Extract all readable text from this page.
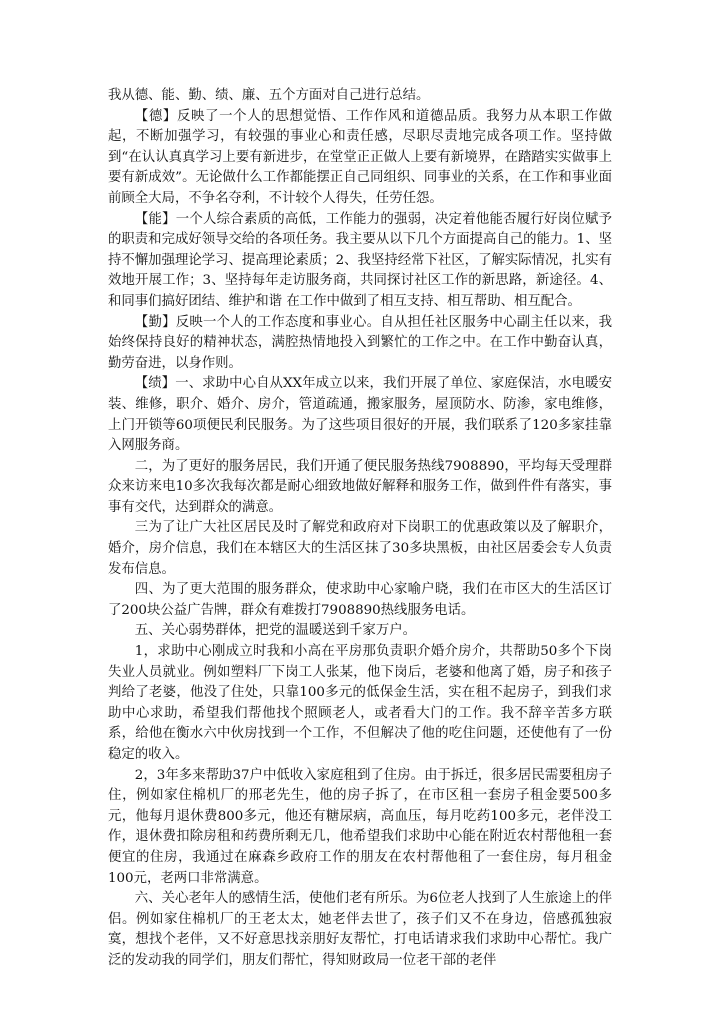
我从德、能、勤、绩、廉、五个方面对自己进行总结。

【德】反映了一个人的思想觉悟、工作作风和道德品质。我努力从本职工作做起，不断加强学习，有较强的事业心和责任感，尽职尽责地完成各项工作。坚持做到“在认认真真学习上要有新进步，在堂堂正正做人上要有新境界，在踏踏实实做事上要有新成效”。无论做什么工作都能摆正自己同组织、同事业的关系，在工作和事业面前顾全大局，不争名夺利，不计较个人得失，任劳任怨。

【能】一个人综合素质的高低，工作能力的强弱，决定着他能否履行好岗位赋予的职责和完成好领导交给的各项任务。我主要从以下几个方面提高自己的能力。1、坚持不懈加强理论学习、提高理论素质；2、我坚持经常下社区，了解实际情况，扎实有效地开展工作；3、坚持每年走访服务商，共同探讨社区工作的新思路，新途径。4、和同事们搞好团结、维护和谐 在工作中做到了相互支持、相互帮助、相互配合。

【勤】反映一个人的工作态度和事业心。自从担任社区服务中心副主任以来，我始终保持良好的精神状态，满腔热情地投入到繁忙的工作之中。在工作中勤奋认真，勤劳奋进，以身作则。

【绩】一、求助中心自从XX年成立以来，我们开展了单位、家庭保洁，水电暖安装、维修，职介、婚介、房介，管道疏通，搬家服务，屋顶防水、防渗，家电维修，上门开锁等60项便民利民服务。为了这些项目很好的开展，我们联系了120多家挂靠入网服务商。

二，为了更好的服务居民，我们开通了便民服务热线7908890，平均每天受理群众来访来电10多次我每次都是耐心细致地做好解释和服务工作，做到件件有落实，事事有交代，达到群众的满意。

三为了让广大社区居民及时了解党和政府对下岗职工的优惠政策以及了解职介，婚介，房介信息，我们在本辖区大的生活区抹了30多块黑板，由社区居委会专人负责发布信息。

四、为了更大范围的服务群众，使求助中心家喻户晓，我们在市区大的生活区订了200块公益广告牌，群众有难拨打7908890热线服务电话。

五、关心弱势群体，把党的温暖送到千家万户。

1，求助中心刚成立时我和小高在平房那负责职介婚介房介，共帮助50多个下岗失业人员就业。例如塑料厂下岗工人张某，他下岗后，老婆和他离了婚，房子和孩子判给了老婆，他没了住处，只靠100多元的低保金生活，实在租不起房子，到我们求助中心求助，希望我们帮他找个照顾老人，或者看大门的工作。我不辞辛苦多方联系，给他在衡水六中伙房找到一个工作，不但解决了他的吃住问题，还使他有了一份稳定的收入。

2，3年多来帮助37户中低收入家庭租到了住房。由于拆迁，很多居民需要租房子住，例如家住棉机厂的邢老先生，他的房子拆了，在市区租一套房子租金要500多元，他每月退休费800多元，他还有糖尿病，高血压，每月吃药100多元，老伴没工作，退休费扣除房租和药费所剩无几，他希望我们求助中心能在附近农村帮他租一套便宜的住房，我通过在麻森乡政府工作的朋友在农村帮他租了一套住房，每月租金100元，老两口非常满意。

六、关心老年人的感情生活，使他们老有所乐。为6位老人找到了人生旅途上的伴侣。例如家住棉机厂的王老太太，她老伴去世了，孩子们又不在身边，倍感孤独寂寞，想找个老伴，又不好意思找亲朋好友帮忙，打电话请求我们求助中心帮忙。我广泛的发动我的同学们，朋友们帮忙，得知财政局一位老干部的老伴
